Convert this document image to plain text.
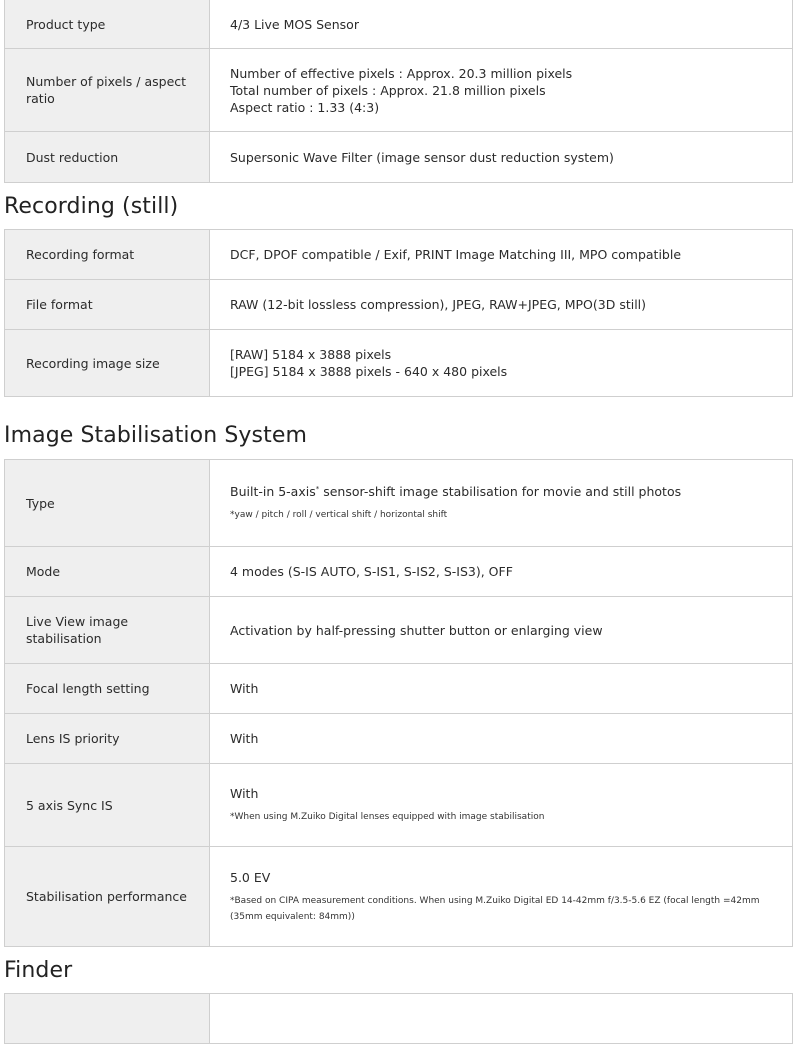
Product type	4/3 Live MOS Sensor

Number of pixels / aspect ratio	Number of effective pixels : Approx. 20.3 million pixels
Total number of pixels : Approx. 21.8 million pixels
Aspect ratio : 1.33 (4:3)

Dust reduction	Supersonic Wave Filter (image sensor dust reduction system)
Recording (still)
Recording format	DCF, DPOF compatible / Exif, PRINT Image Matching III, MPO compatible

File format	RAW (12-bit lossless compression), JPEG, RAW+JPEG, MPO(3D still)

Recording image size	[RAW] 5184 x 3888 pixels
[JPEG] 5184 x 3888 pixels - 640 x 480 pixels
Image Stabilisation System
Type	Built-in 5-axis* sensor-shift image stabilisation for movie and still photos
*yaw / pitch / roll / vertical shift / horizontal shift

Mode	4 modes (S-IS AUTO, S-IS1, S-IS2, S-IS3), OFF

Live View image stabilisation	Activation by half-pressing shutter button or enlarging view

Focal length setting	With

Lens IS priority	With

5 axis Sync IS	With
*When using M.Zuiko Digital lenses equipped with image stabilisation

Stabilisation performance	5.0 EV
*Based on CIPA measurement conditions. When using M.Zuiko Digital ED 14-42mm f/3.5-5.6 EZ (focal length =42mm (35mm equivalent: 84mm))
Finder
